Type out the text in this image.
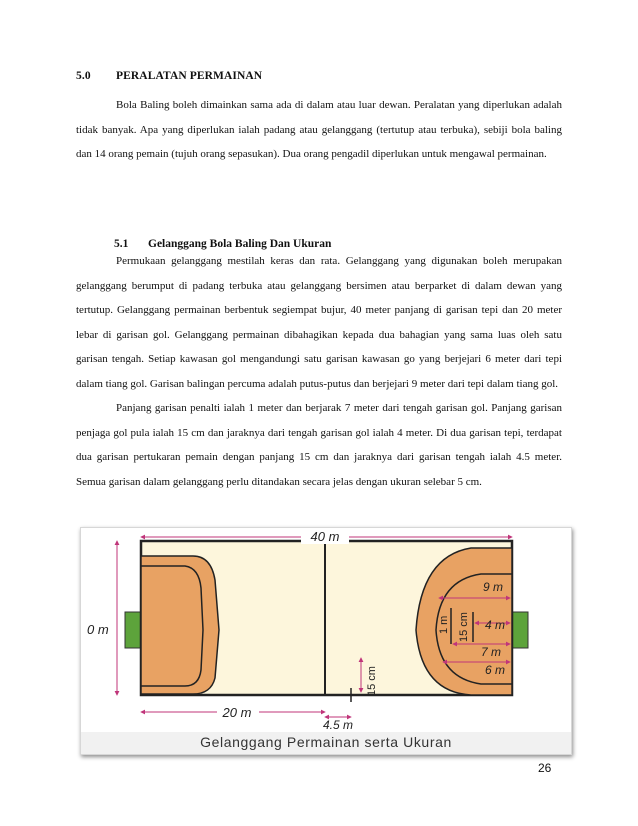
5.0 PERALATAN PERMAINAN

Bola Baling boleh dimainkan sama ada di dalam atau luar dewan. Peralatan yang diperlukan adalah tidak banyak. Apa yang diperlukan ialah padang atau gelanggang (tertutup atau terbuka), sebiji bola baling dan 14 orang pemain (tujuh orang sepasukan). Dua orang pengadil diperlukan untuk mengawal permainan.

5.1 Gelanggang Bola Baling Dan Ukuran

Permukaan gelanggang mestilah keras dan rata. Gelanggang yang digunakan boleh merupakan gelanggang berumput di padang terbuka atau gelanggang bersimen atau berparket di dalam dewan yang tertutup. Gelanggang permainan berbentuk segiempat bujur, 40 meter panjang di garisan tepi dan 20 meter lebar di garisan gol. Gelanggang permainan dibahagikan kepada dua bahagian yang sama luas oleh satu garisan tengah. Setiap kawasan gol mengandungi satu garisan kawasan go yang berjejari 6 meter dari tepi dalam tiang gol. Garisan balingan percuma adalah putus-putus dan berjejari 9 meter dari tepi dalam tiang gol.

Panjang garisan penalti ialah 1 meter dan berjarak 7 meter dari tengah garisan gol. Panjang garisan penjaga gol pula ialah 15 cm dan jaraknya dari tengah garisan gol ialah 4 meter. Di dua garisan tepi, terdapat dua garisan pertukaran pemain dengan panjang 15 cm dan jaraknya dari garisan tengah ialah 4.5 meter. Semua garisan dalam gelanggang perlu ditandakan secara jelas dengan ukuran selebar 5 cm.

15 cm
40 m
0 m
20 m
4.5 m
9 m
1 m 15 cm 4 m
7 m
6 m
Gelanggang Permainan serta Ukuran
26
